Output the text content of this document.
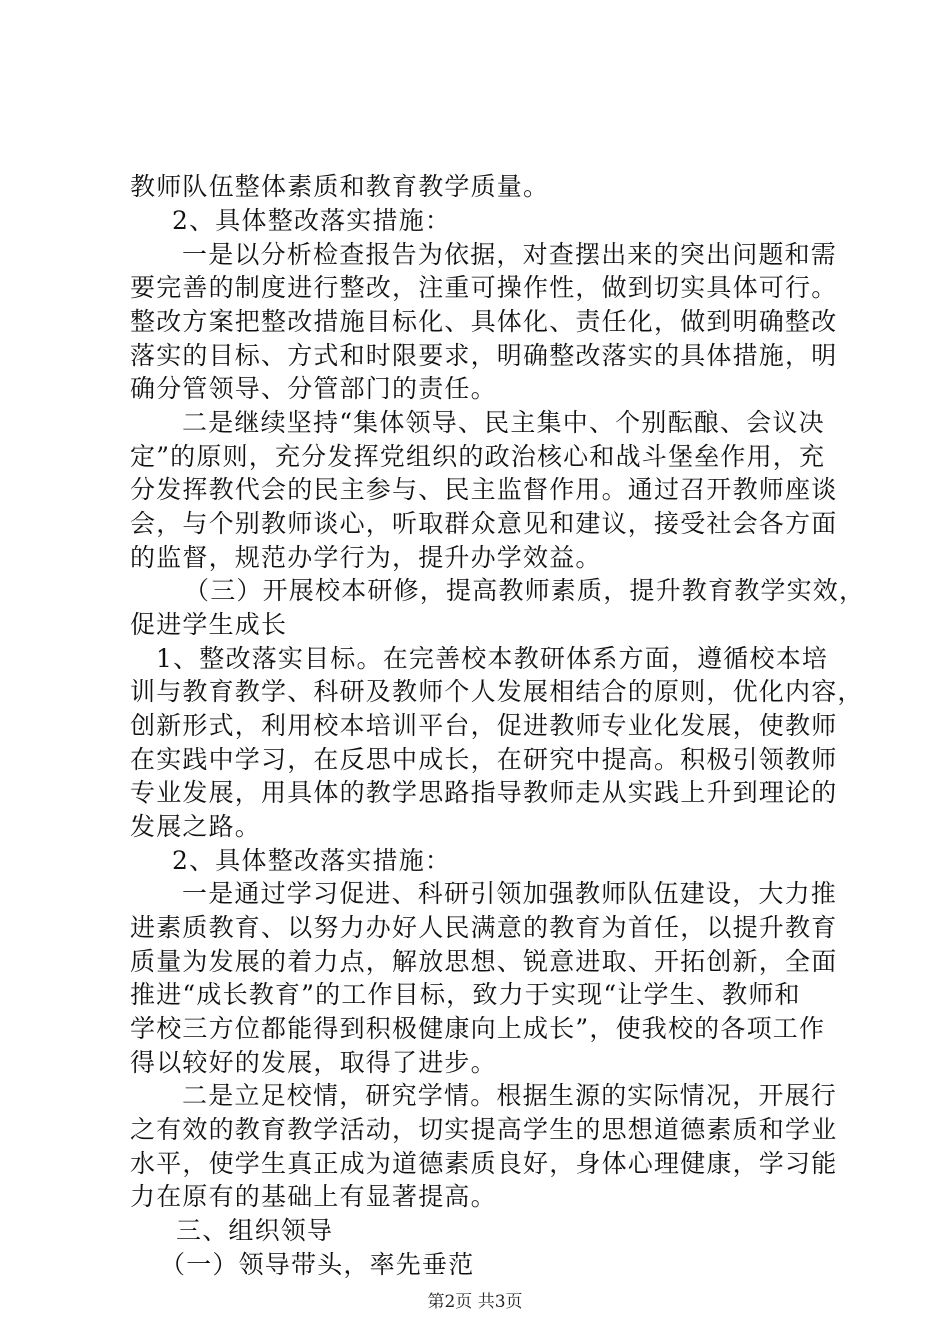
教师队伍整体素质和教育教学质量。
2、具体整改落实措施：
一是以分析检查报告为依据，对查摆出来的突出问题和需
要完善的制度进行整改，注重可操作性，做到切实具体可行。
整改方案把整改措施目标化、具体化、责任化，做到明确整改
落实的目标、方式和时限要求，明确整改落实的具体措施，明
确分管领导、分管部门的责任。
二是继续坚持“集体领导、民主集中、个别酝酿、会议决
定”的原则，充分发挥党组织的政治核心和战斗堡垒作用，充
分发挥教代会的民主参与、民主监督作用。通过召开教师座谈
会，与个别教师谈心，听取群众意见和建议，接受社会各方面
的监督，规范办学行为，提升办学效益。
（三）开展校本研修，提高教师素质，提升教育教学实效，
促进学生成长
1、整改落实目标。在完善校本教研体系方面，遵循校本培
训与教育教学、科研及教师个人发展相结合的原则，优化内容，
创新形式，利用校本培训平台，促进教师专业化发展，使教师
在实践中学习，在反思中成长，在研究中提高。积极引领教师
专业发展，用具体的教学思路指导教师走从实践上升到理论的
发展之路。
2、具体整改落实措施：
一是通过学习促进、科研引领加强教师队伍建设，大力推
进素质教育、以努力办好人民满意的教育为首任，以提升教育
质量为发展的着力点，解放思想、锐意进取、开拓创新，全面
推进“成长教育”的工作目标，致力于实现“让学生、教师和
学校三方位都能得到积极健康向上成长”，使我校的各项工作
得以较好的发展，取得了进步。
二是立足校情，研究学情。根据生源的实际情况，开展行
之有效的教育教学活动，切实提高学生的思想道德素质和学业
水平，使学生真正成为道德素质良好，身体心理健康，学习能
力在原有的基础上有显著提高。
三、组织领导
（一）领导带头，率先垂范
第2页 共3页
